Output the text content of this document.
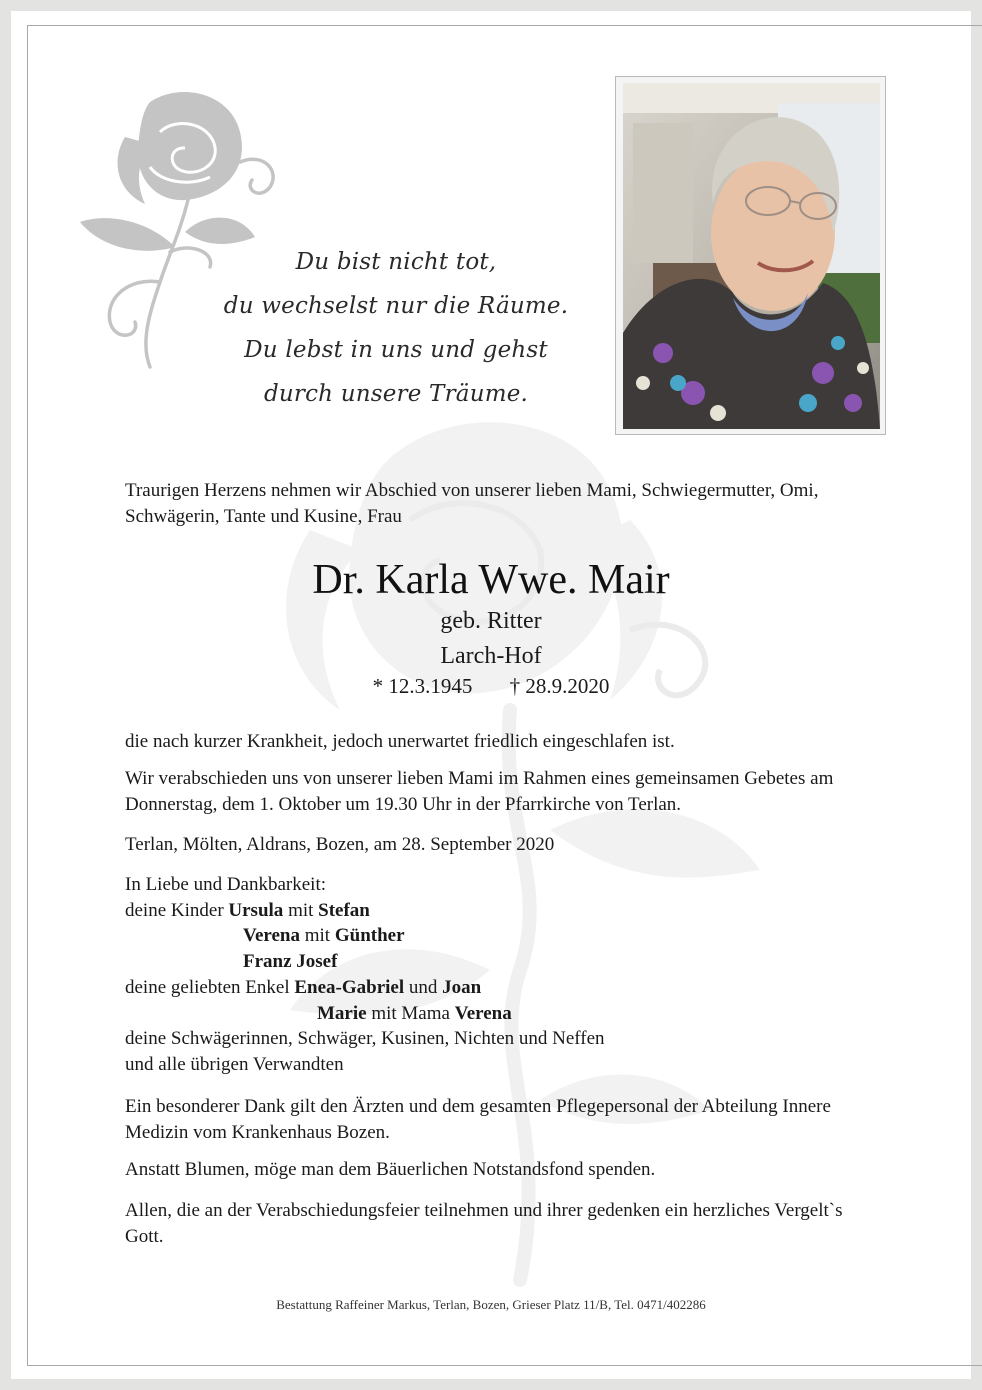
Du bist nicht tot,
du wechselst nur die Räume.
Du lebst in uns und gehst
durch unsere Träume.
Traurigen Herzens nehmen wir Abschied von unserer lieben Mami, Schwiegermutter, Omi, Schwägerin, Tante und Kusine, Frau
Dr. Karla Wwe. Mair
geb. Ritter
Larch-Hof
* 12.3.1945 † 28.9.2020
die nach kurzer Krankheit, jedoch unerwartet friedlich eingeschlafen ist.
Wir verabschieden uns von unserer lieben Mami im Rahmen eines gemeinsamen Gebetes am Donnerstag, dem 1. Oktober um 19.30 Uhr in der Pfarrkirche von Terlan.
Terlan, Mölten, Aldrans, Bozen, am 28. September 2020
In Liebe und Dankbarkeit:
deine Kinder Ursula mit Stefan
Verena mit Günther
Franz Josef
deine geliebten Enkel Enea-Gabriel und Joan
Marie mit Mama Verena
deine Schwägerinnen, Schwäger, Kusinen, Nichten und Neffen
und alle übrigen Verwandten
Ein besonderer Dank gilt den Ärzten und dem gesamten Pflegepersonal der Abteilung Innere Medizin vom Krankenhaus Bozen.
Anstatt Blumen, möge man dem Bäuerlichen Notstandsfond spenden.
Allen, die an der Verabschiedungsfeier teilnehmen und ihrer gedenken ein herzliches Vergelt`s Gott.
Bestattung Raffeiner Markus, Terlan, Bozen, Grieser Platz 11/B, Tel. 0471/402286
